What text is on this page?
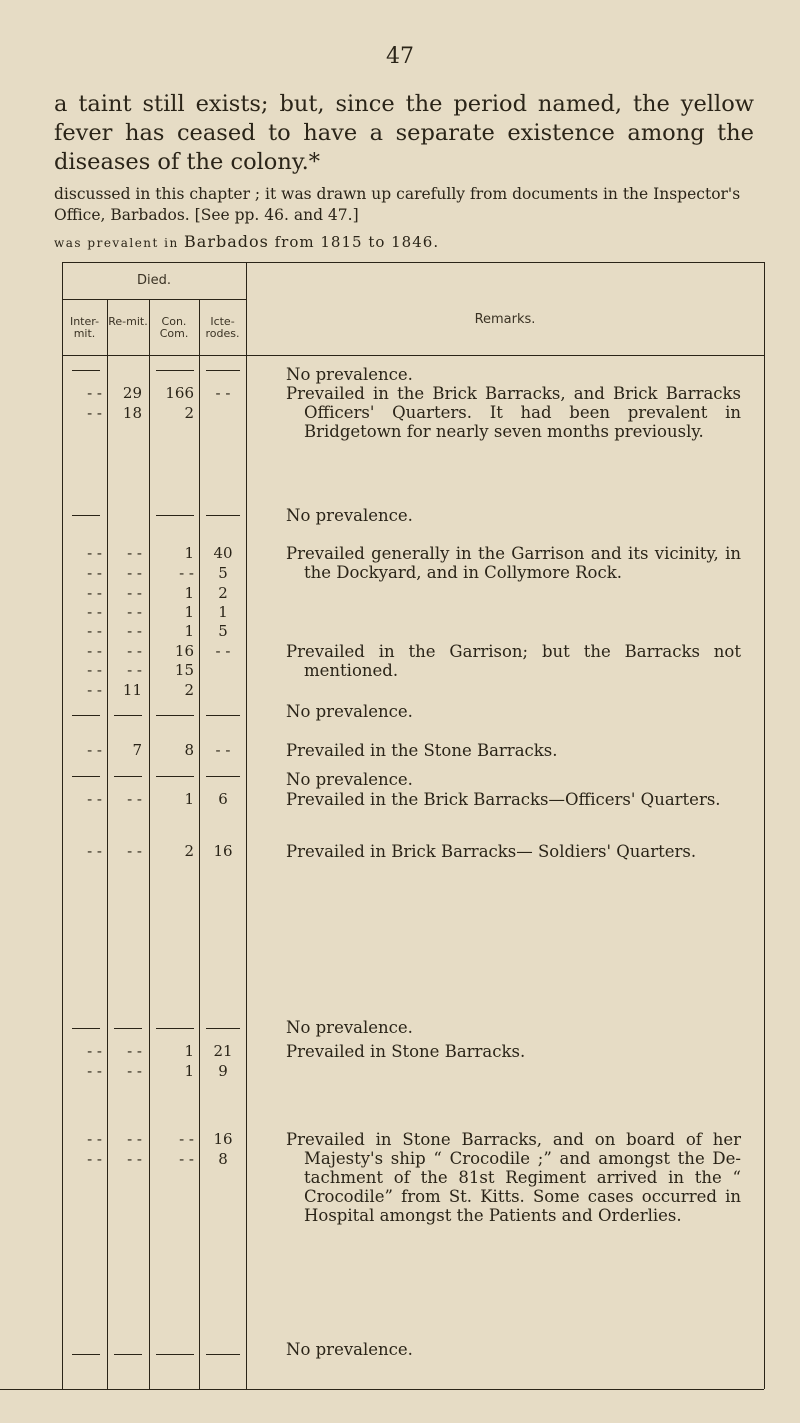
47
a taint still exists; but, since the period named, the yellow fever has ceased to have a separate existence among the diseases of the colony.*
discussed in this chapter ; it was drawn up carefully from documents in the Inspector's Office, Barbados. [See pp. 46. and 47.]
was prevalent in Barbados from 1815 to 1846.
Died.
Inter-mit.
Re-mit.	Con. Com.
Icte-rodes.
Remarks.
- -
- -
- -
- -
- -
- -
- -
- -
- -
- -
- -
- -
- -
- -
- -
- -
- -
29
18
- -
- -
- -
- -
- -
- -
- -
11
7
- -
- -
- -
- -
- -
- -
166
2
1
- -
1
1
1
16
15
2
8
1
2
1
1
- -
- -
- -
40
5
2
1
5
- -
- -
6
16
21
9
16
8
No prevalence.
Prevailed in the Brick Barracks, and Brick Barracks Officers' Quarters. It had been prevalent in Bridgetown for nearly seven months previously.
No prevalence.
Prevailed generally in the Garrison and its vicinity, in the Dockyard, and in Collymore Rock.
Prevailed in the Garrison; but the Barracks not mentioned.
No prevalence.
Prevailed in the Stone Barracks.
No prevalence.
Prevailed in the Brick Barracks—Officers' Quarters.
Prevailed in Brick Barracks— Soldiers' Quarters.
No prevalence.
Prevailed in Stone Barracks.
Prevailed in Stone Barracks, and on board of her Majesty's ship “ Crocodile ;” and amongst the De-tachment of the 81st Regiment arrived in the “ Crocodile” from St. Kitts. Some cases occurred in Hospital amongst the Patients and Orderlies.
No prevalence.
